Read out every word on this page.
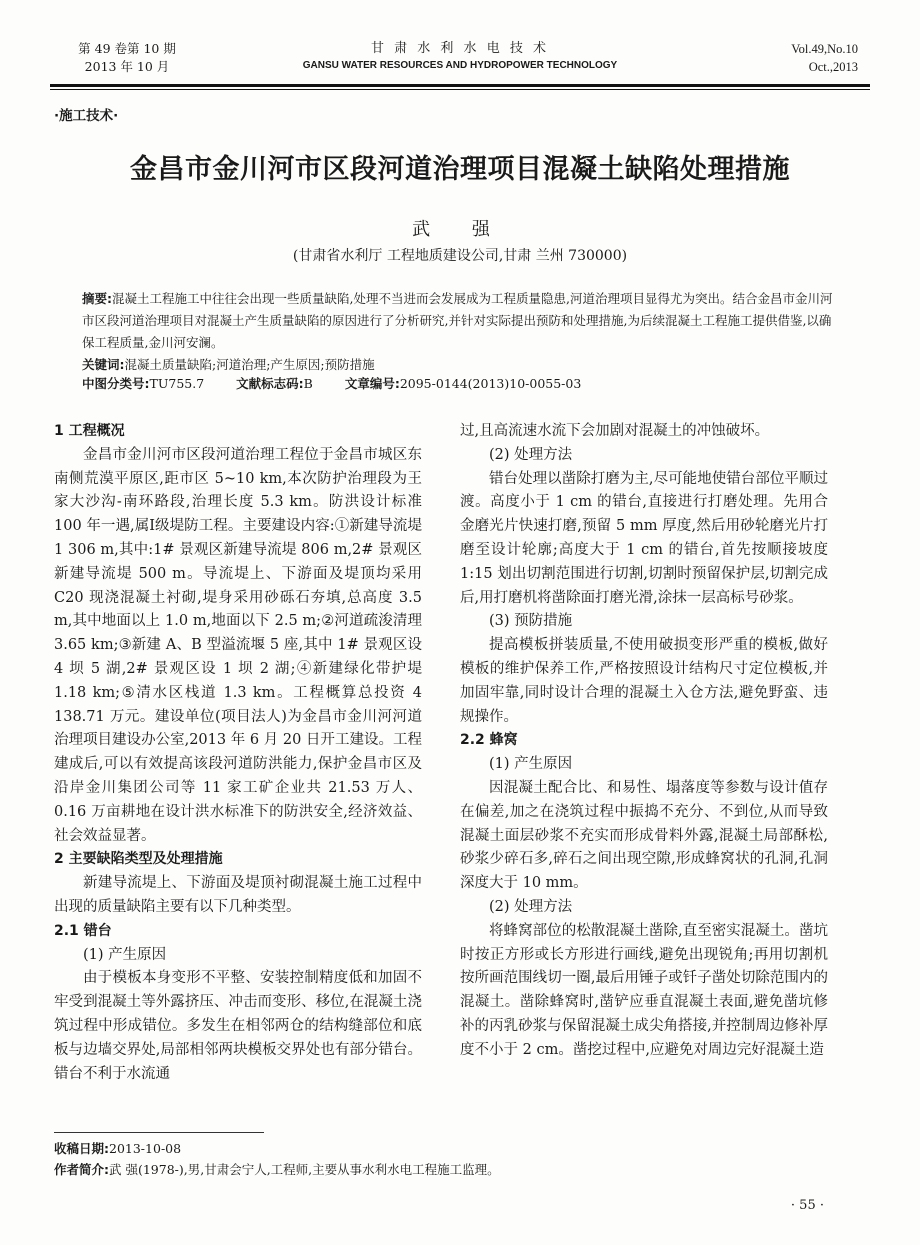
第 49 卷第 10 期
2013 年 10 月
甘 肃 水 利 水 电 技 术
GANSU WATER RESOURCES AND HYDROPOWER TECHNOLOGY
Vol.49,No.10
Oct.,2013
·施工技术·
金昌市金川河市区段河道治理项目混凝土缺陷处理措施
武 强
(甘肃省水利厅 工程地质建设公司,甘肃 兰州 730000)
摘要:混凝土工程施工中往往会出现一些质量缺陷,处理不当进而会发展成为工程质量隐患,河道治理项目显得尤为突出。结合金昌市金川河市区段河道治理项目对混凝土产生质量缺陷的原因进行了分析研究,并针对实际提出预防和处理措施,为后续混凝土工程施工提供借鉴,以确保工程质量,金川河安澜。
关键词:混凝土质量缺陷;河道治理;产生原因;预防措施
中图分类号:TU755.7	文献标志码:B	文章编号:2095-0144(2013)10-0055-03

1 工程概况

金昌市金川河市区段河道治理工程位于金昌市城区东南侧荒漠平原区,距市区 5~10 km,本次防护治理段为王家大沙沟-南环路段,治理长度 5.3 km。防洪设计标准 100 年一遇,属Ⅰ级堤防工程。主要建设内容:①新建导流堤 1 306 m,其中:1# 景观区新建导流堤 806 m,2# 景观区新建导流堤 500 m。导流堤上、下游面及堤顶均采用 C20 现浇混凝土衬砌,堤身采用砂砾石夯填,总高度 3.5 m,其中地面以上 1.0 m,地面以下 2.5 m;②河道疏浚清理 3.65 km;③新建 A、B 型溢流堰 5 座,其中 1# 景观区设 4 坝 5 湖,2# 景观区设 1 坝 2 湖;④新建绿化带护堤 1.18 km;⑤清水区栈道 1.3 km。工程概算总投资 4 138.71 万元。建设单位(项目法人)为金昌市金川河河道治理项目建设办公室,2013 年 6 月 20 日开工建设。工程建成后,可以有效提高该段河道防洪能力,保护金昌市区及沿岸金川集团公司等 11 家工矿企业共 21.53 万人、0.16 万亩耕地在设计洪水标准下的防洪安全,经济效益、社会效益显著。

2 主要缺陷类型及处理措施

新建导流堤上、下游面及堤顶衬砌混凝土施工过程中出现的质量缺陷主要有以下几种类型。

2.1 错台

(1) 产生原因

由于模板本身变形不平整、安装控制精度低和加固不牢受到混凝土等外露挤压、冲击而变形、移位,在混凝土浇筑过程中形成错位。多发生在相邻两仓的结构缝部位和底板与边墙交界处,局部相邻两块模板交界处也有部分错台。错台不利于水流通

过,且高流速水流下会加剧对混凝土的冲蚀破坏。

(2) 处理方法

错台处理以凿除打磨为主,尽可能地使错台部位平顺过渡。高度小于 1 cm 的错台,直接进行打磨处理。先用合金磨光片快速打磨,预留 5 mm 厚度,然后用砂轮磨光片打磨至设计轮廓;高度大于 1 cm 的错台,首先按顺接坡度 1:15 划出切割范围进行切割,切割时预留保护层,切割完成后,用打磨机将凿除面打磨光滑,涂抹一层高标号砂浆。

(3) 预防措施

提高模板拼装质量,不使用破损变形严重的模板,做好模板的维护保养工作,严格按照设计结构尺寸定位模板,并加固牢靠,同时设计合理的混凝土入仓方法,避免野蛮、违规操作。

2.2 蜂窝

(1) 产生原因

因混凝土配合比、和易性、塌落度等参数与设计值存在偏差,加之在浇筑过程中振捣不充分、不到位,从而导致混凝土面层砂浆不充实而形成骨料外露,混凝土局部酥松,砂浆少碎石多,碎石之间出现空隙,形成蜂窝状的孔洞,孔洞深度大于 10 mm。

(2) 处理方法

将蜂窝部位的松散混凝土凿除,直至密实混凝土。凿坑时按正方形或长方形进行画线,避免出现锐角;再用切割机按所画范围线切一圈,最后用锤子或钎子凿处切除范围内的混凝土。凿除蜂窝时,凿铲应垂直混凝土表面,避免凿坑修补的丙乳砂浆与保留混凝土成尖角搭接,并控制周边修补厚度不小于 2 cm。凿挖过程中,应避免对周边完好混凝土造

收稿日期:2013-10-08
作者简介:武 强(1978-),男,甘肃会宁人,工程师,主要从事水利水电工程施工监理。
· 55 ·
